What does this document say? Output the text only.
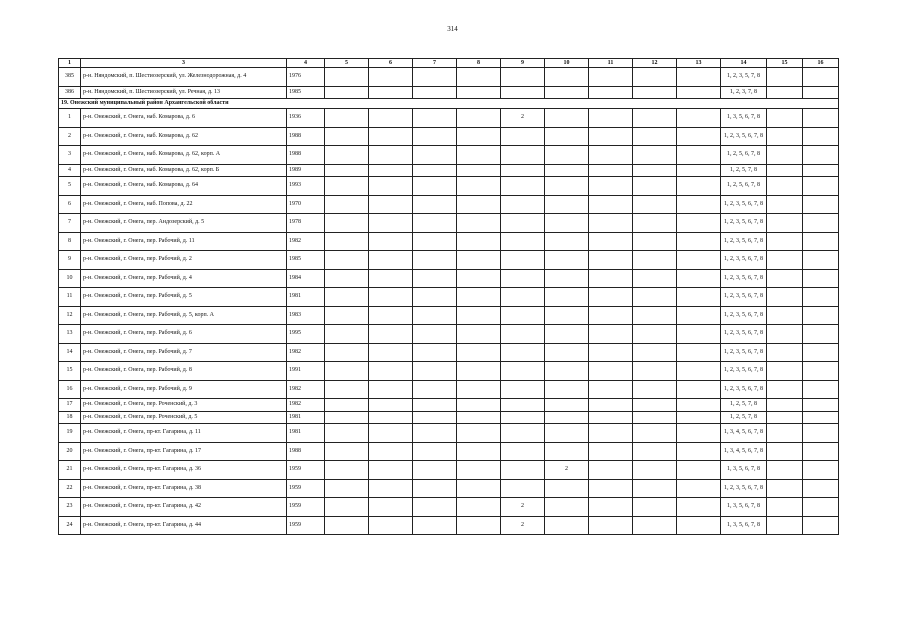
314
1	3	4	5	6	7	8	9	10	11	12	13	14	15	16
385	р-н. Няндомский, п. Шестиозерский, ул. Железнодорожная, д. 4	1976										1, 2, 3, 5, 7, 8		
386	р-н. Няндомский, п. Шестиозерский, ул. Речная, д. 13	1985										1, 2, 3, 7, 8		
19. Онежский муниципальный район Архангельской области														
1	р-н. Онежский, г. Онега, наб. Комарова, д. 6	1936					2					1, 3, 5, 6, 7, 8		
2	р-н. Онежский, г. Онега, наб. Комарова, д. 62	1988										1, 2, 3, 5, 6, 7, 8		
3	р-н. Онежский, г. Онега, наб. Комарова, д. 62, корп. А	1988										1, 2, 5, 6, 7, 8		
4	р-н. Онежский, г. Онега, наб. Комарова, д. 62, корп. Б	1989										1, 2, 5, 7, 8		
5	р-н. Онежский, г. Онега, наб. Комарова, д. 64	1993										1, 2, 5, 6, 7, 8		
6	р-н. Онежский, г. Онега, наб. Попова, д. 22	1970										1, 2, 3, 5, 6, 7, 8		
7	р-н. Онежский, г. Онега, пер. Андозерский, д. 5	1978										1, 2, 3, 5, 6, 7, 8		
8	р-н. Онежский, г. Онега, пер. Рабочий, д. 11	1982										1, 2, 3, 5, 6, 7, 8		
9	р-н. Онежский, г. Онега, пер. Рабочий, д. 2	1985										1, 2, 3, 5, 6, 7, 8		
10	р-н. Онежский, г. Онега, пер. Рабочий, д. 4	1984										1, 2, 3, 5, 6, 7, 8		
11	р-н. Онежский, г. Онега, пер. Рабочий, д. 5	1981										1, 2, 3, 5, 6, 7, 8		
12	р-н. Онежский, г. Онега, пер. Рабочий, д. 5, корп. А	1983										1, 2, 3, 5, 6, 7, 8		
13	р-н. Онежский, г. Онега, пер. Рабочий, д. 6	1995										1, 2, 3, 5, 6, 7, 8		
14	р-н. Онежский, г. Онега, пер. Рабочий, д. 7	1982										1, 2, 3, 5, 6, 7, 8		
15	р-н. Онежский, г. Онега, пер. Рабочий, д. 8	1991										1, 2, 3, 5, 6, 7, 8		
16	р-н. Онежский, г. Онега, пер. Рабочий, д. 9	1982										1, 2, 3, 5, 6, 7, 8		
17	р-н. Онежский, г. Онега, пер. Роченский, д. 3	1982										1, 2, 5, 7, 8		
18	р-н. Онежский, г. Онега, пер. Роченский, д. 5	1981										1, 2, 5, 7, 8		
19	р-н. Онежский, г. Онега, пр-кт. Гагарина, д. 11	1981										1, 3, 4, 5, 6, 7, 8		
20	р-н. Онежский, г. Онега, пр-кт. Гагарина, д. 17	1988										1, 3, 4, 5, 6, 7, 8		
21	р-н. Онежский, г. Онега, пр-кт. Гагарина, д. 36	1959						2				1, 3, 5, 6, 7, 8		
22	р-н. Онежский, г. Онега, пр-кт. Гагарина, д. 38	1959										1, 2, 3, 5, 6, 7, 8		
23	р-н. Онежский, г. Онега, пр-кт. Гагарина, д. 42	1959					2					1, 3, 5, 6, 7, 8		
24	р-н. Онежский, г. Онега, пр-кт. Гагарина, д. 44	1959					2					1, 3, 5, 6, 7, 8		
